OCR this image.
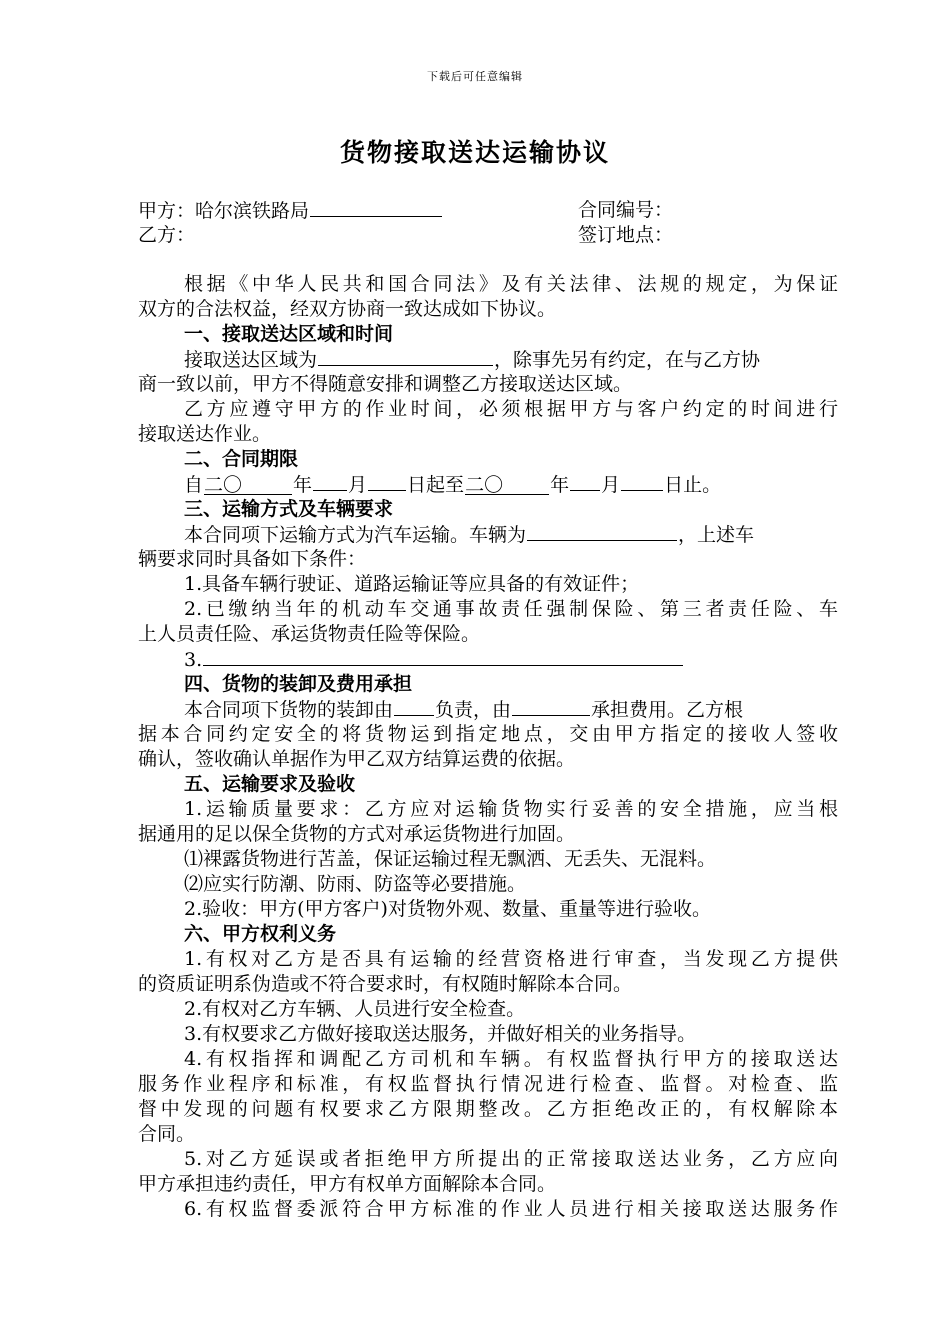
下载后可任意编辑
货物接取送达运输协议
甲方：哈尔滨铁路局	合同编号：
乙方：	签订地点：
根据《中华人民共和国合同法》及有关法律、法规的规定，为保证
双方的合法权益，经双方协商一致达成如下协议。
一、接取送达区域和时间
接取送达区域为	，除事先另有约定，在与乙方协
商一致以前，甲方不得随意安排和调整乙方接取送达区域。
乙方应遵守甲方的作业时间，必须根据甲方与客户约定的时间进行
接取送达作业。
二、合同期限
自二〇	年 月 日起至二〇 年 月 日止。
三、运输方式及车辆要求
本合同项下运输方式为汽车运输。车辆为	，上述车
辆要求同时具备如下条件：
1.具备车辆行驶证、道路运输证等应具备的有效证件；
2.已缴纳当年的机动车交通事故责任强制保险、第三者责任险、车
上人员责任险、承运货物责任险等保险。
3.
四、货物的装卸及费用承担
本合同项下货物的装卸由 负责，由	承担费用。乙方根
据本合同约定安全的将货物运到指定地点，交由甲方指定的接收人签收
确认，签收确认单据作为甲乙双方结算运费的依据。
五、运输要求及验收
1.运输质量要求：乙方应对运输货物实行妥善的安全措施，应当根
据通用的足以保全货物的方式对承运货物进行加固。
⑴裸露货物进行苫盖，保证运输过程无飘洒、无丢失、无混料。
⑵应实行防潮、防雨、防盗等必要措施。
2.验收：甲方(甲方客户)对货物外观、数量、重量等进行验收。
六、甲方权利义务
1.有权对乙方是否具有运输的经营资格进行审查，当发现乙方提供
的资质证明系伪造或不符合要求时，有权随时解除本合同。
2.有权对乙方车辆、人员进行安全检查。
3.有权要求乙方做好接取送达服务，并做好相关的业务指导。
4.有权指挥和调配乙方司机和车辆。有权监督执行甲方的接取送达
服务作业程序和标准，有权监督执行情况进行检查、监督。对检查、监
督中发现的问题有权要求乙方限期整改。乙方拒绝改正的，有权解除本
合同。
5.对乙方延误或者拒绝甲方所提出的正常接取送达业务，乙方应向
甲方承担违约责任，甲方有权单方面解除本合同。
6.有权监督委派符合甲方标准的作业人员进行相关接取送达服务作
